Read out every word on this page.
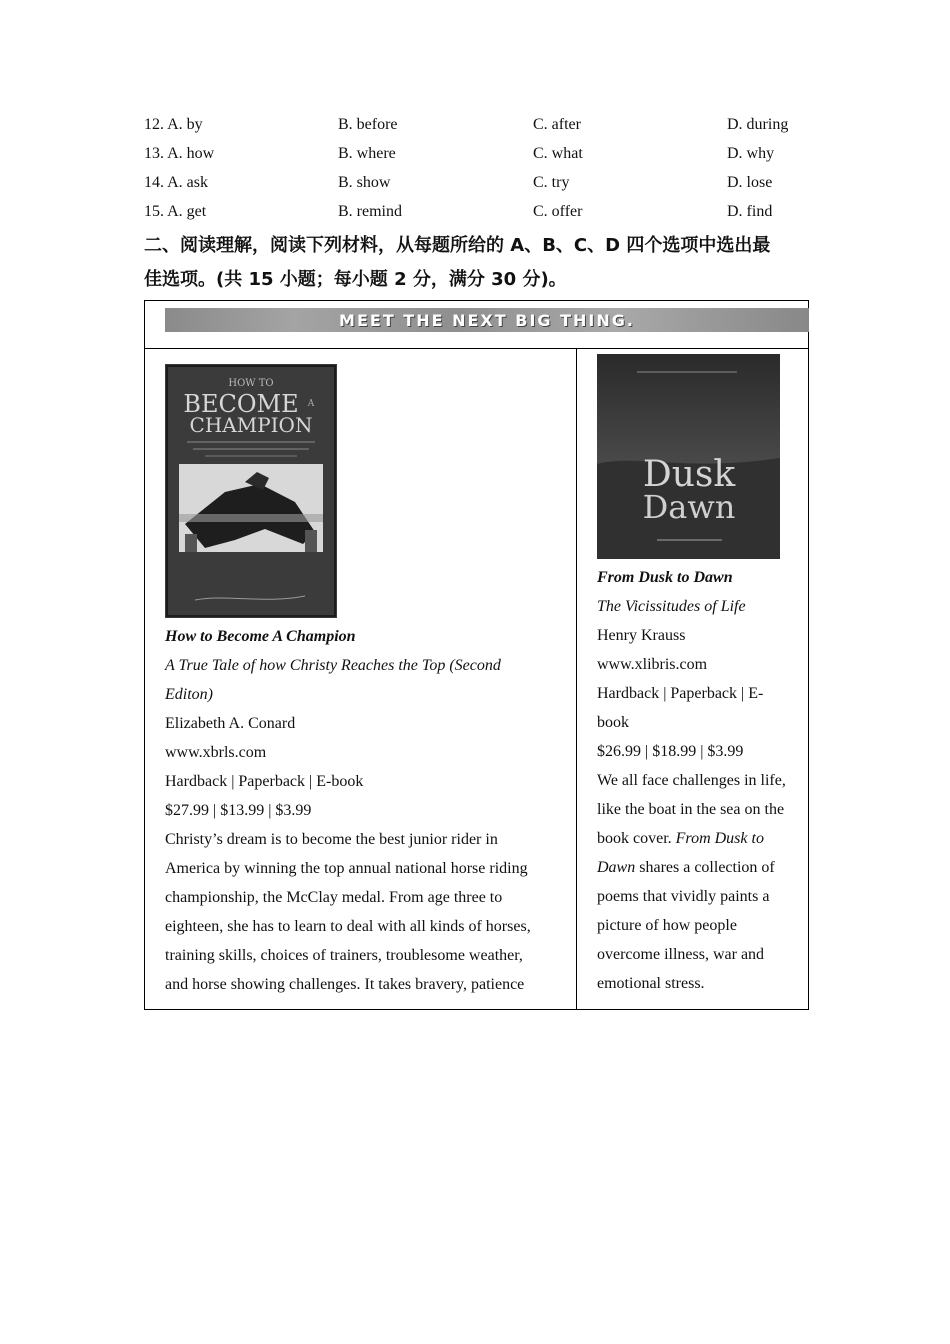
12. A. by	B. before	C. after	D. during
13. A. how	B. where	C. what	D. why
14. A. ask	B. show	C. try	D. lose
15. A. get	B. remind	C. offer	D. find
二、阅读理解，阅读下列材料，从每题所给的 A、B、C、D 四个选项中选出最
佳选项。(共 15 小题；每小题 2 分，满分 30 分)。
MEET THE NEXT BIG THING.
HOW TO
BECOME A
CHAMPION
How to Become A Champion
A True Tale of how Christy Reaches the Top (Second
Editon)
Elizabeth A. Conard
www.xbrls.com
Hardback | Paperback | E-book
$27.99 | $13.99 | $3.99
Christy’s dream is to become the best junior rider in
America by winning the top annual national horse riding
championship, the McClay medal. From age three to
eighteen, she has to learn to deal with all kinds of horses,
training skills, choices of trainers, troublesome weather,
and horse showing challenges. It takes bravery, patience
Dusk
Dawn
From Dusk to Dawn
The Vicissitudes of Life
Henry Krauss
www.xlibris.com
Hardback | Paperback | E-
book
$26.99 | $18.99 | $3.99
We all face challenges in life,
like the boat in the sea on the
book cover. From Dusk to
Dawn shares a collection of
poems that vividly paints a
picture of how people
overcome illness, war and
emotional stress.
